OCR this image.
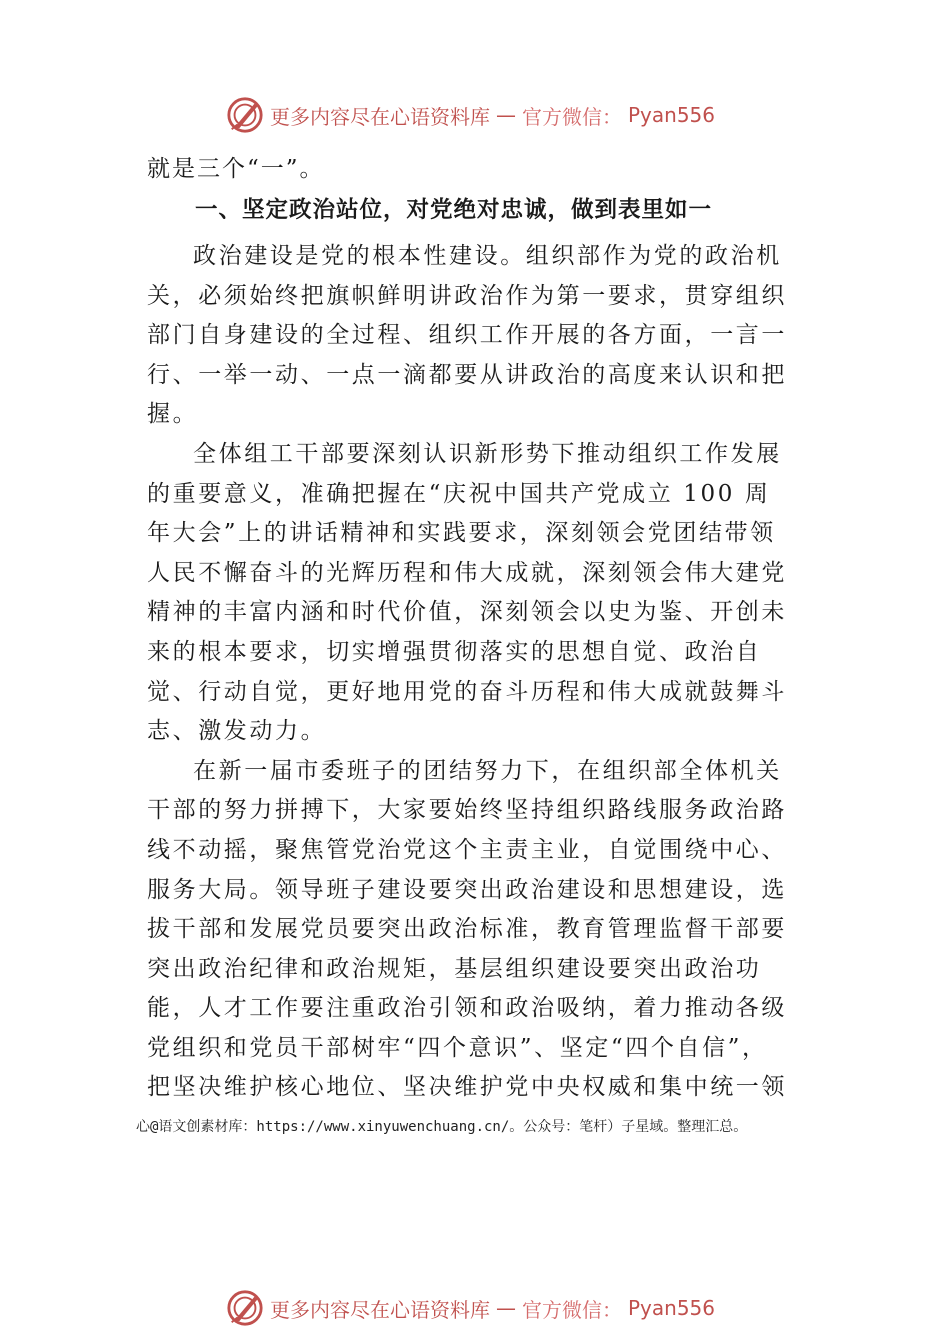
更多内容尽在心语资料库 — 官方微信： Pyan556
就是三个“一”。
一、坚定政治站位，对党绝对忠诚，做到表里如一

政治建设是党的根本性建设。组织部作为党的政治机关，必须始终把旗帜鲜明讲政治作为第一要求，贯穿组织部门自身建设的全过程、组织工作开展的各方面，一言一行、一举一动、一点一滴都要从讲政治的高度来认识和把握。

全体组工干部要深刻认识新形势下推动组织工作发展的重要意义，准确把握在“庆祝中国共产党成立 100 周年大会”上的讲话精神和实践要求，深刻领会党团结带领人民不懈奋斗的光辉历程和伟大成就，深刻领会伟大建党精神的丰富内涵和时代价值，深刻领会以史为鉴、开创未来的根本要求，切实增强贯彻落实的思想自觉、政治自觉、行动自觉，更好地用党的奋斗历程和伟大成就鼓舞斗志、激发动力。

在新一届市委班子的团结努力下，在组织部全体机关干部的努力拼搏下，大家要始终坚持组织路线服务政治路线不动摇，聚焦管党治党这个主责主业，自觉围绕中心、服务大局。领导班子建设要突出政治建设和思想建设，选拔干部和发展党员要突出政治标准，教育管理监督干部要突出政治纪律和政治规矩，基层组织建设要突出政治功能，人才工作要注重政治引领和政治吸纳，着力推动各级党组织和党员干部树牢“四个意识”、坚定“四个自信”，把坚决维护核心地位、坚决维护党中央权威和集中统一领

心@语文创素材库：https://www.xinyuwenchuang.cn/。公众号：笔杆）子星域。整理汇总。
更多内容尽在心语资料库 — 官方微信： Pyan556
